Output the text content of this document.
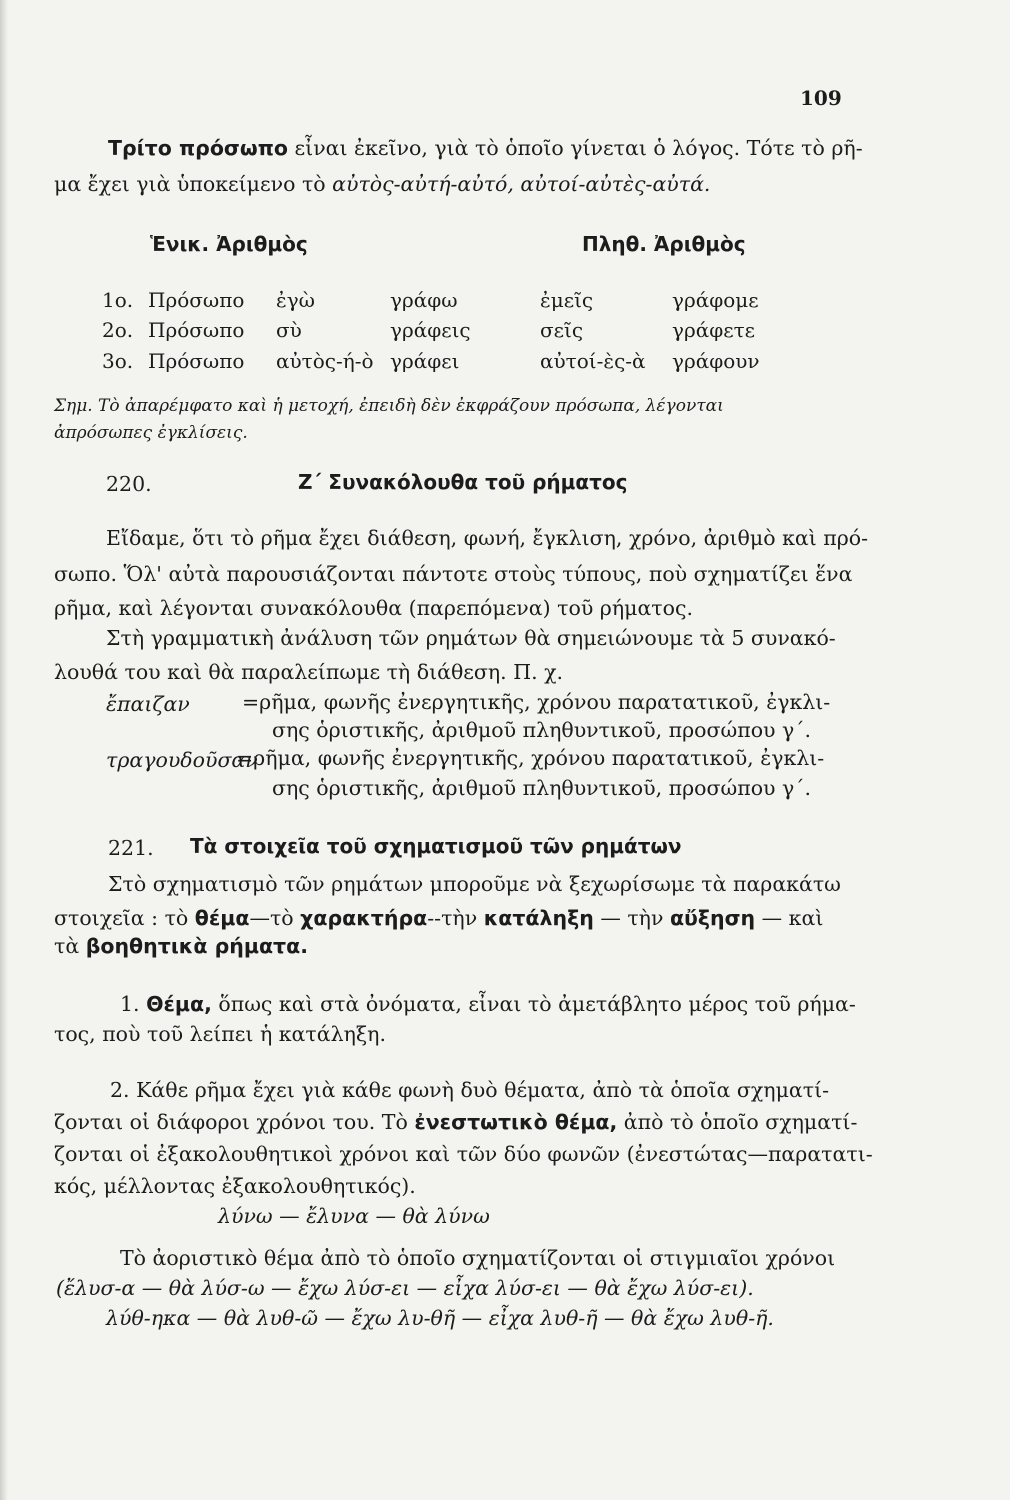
109
Τρίτο πρόσωπο εἶναι ἐκεῖνο, γιὰ τὸ ὁποῖο γίνεται ὁ λόγος. Τότε τὸ ρῆ-
μα ἔχει γιὰ ὑποκείμενο τὸ αὐτὸς-αὐτή-αὐτό, αὐτοί-αὐτὲς-αὐτά.
Ἑνικ. Ἀριθμὸς	Πληθ. Ἀριθμὸς
1ο. Πρόσωπο ἐγὼ	γράφω	ἐμεῖς	γράφομε
2ο. Πρόσωπο σὺ	γράφεις	σεῖς	γράφετε
3ο. Πρόσωπο αὐτὸς-ή-ὸ γράφει	αὐτοί-ὲς-ὰ γράφουν
Σημ. Τὸ ἀπαρέμφατο καὶ ἡ μετοχή, ἐπειδὴ δὲν ἐκφράζουν πρόσωπα, λέγονται
ἀπρόσωπες ἐγκλίσεις.
220.	Ζ΄ Συνακόλουθα τοῦ ρήματος
Εἴδαμε, ὅτι τὸ ρῆμα ἔχει διάθεση, φωνή, ἔγκλιση, χρόνο, ἀριθμὸ καὶ πρό-
σωπο. Ὅλ' αὐτὰ παρουσιάζονται πάντοτε στοὺς τύπους, ποὺ σχηματίζει ἕνα
ρῆμα, καὶ λέγονται συνακόλουθα (παρεπόμενα) τοῦ ρήματος.
Στὴ γραμματικὴ ἀνάλυση τῶν ρημάτων θὰ σημειώνουμε τὰ 5 συνακό-
λουθά του καὶ θὰ παραλείπωμε τὴ διάθεση. Π. χ.
ἔπαιζαν	=ρῆμα, φωνῆς ἐνεργητικῆς, χρόνου παρατατικοῦ, ἐγκλι-
σης ὁριστικῆς, ἀριθμοῦ πληθυντικοῦ, προσώπου γ΄.
τραγουδοῦσαν
=ρῆμα, φωνῆς ἐνεργητικῆς, χρόνου παρατατικοῦ, ἐγκλι-
σης ὁριστικῆς, ἀριθμοῦ πληθυντικοῦ, προσώπου γ΄.
221. Τὰ στοιχεῖα τοῦ σχηματισμοῦ τῶν ρημάτων
Στὸ σχηματισμὸ τῶν ρημάτων μποροῦμε νὰ ξεχωρίσωμε τὰ παρακάτω
στοιχεῖα : τὸ θέμα—τὸ χαρακτήρα--τὴν κατάληξη — τὴν αὔξηση — καὶ
τὰ βοηθητικὰ ρήματα.
1. Θέμα, ὅπως καὶ στὰ ὀνόματα, εἶναι τὸ ἀμετάβλητο μέρος τοῦ ρήμα-
τος, ποὺ τοῦ λείπει ἡ κατάληξη.
2. Κάθε ρῆμα ἔχει γιὰ κάθε φωνὴ δυὸ θέματα, ἀπὸ τὰ ὁποῖα σχηματί-
ζονται οἱ διάφοροι χρόνοι του. Τὸ ἐνεστωτικὸ θέμα, ἀπὸ τὸ ὁποῖο σχηματί-
ζονται οἱ ἐξακολουθητικοὶ χρόνοι καὶ τῶν δύο φωνῶν (ἐνεστώτας—παρατατι-
κός, μέλλοντας ἐξακολουθητικός).
λύνω — ἔλυνα — θὰ λύνω
Τὸ ἀοριστικὸ θέμα ἀπὸ τὸ ὁποῖο σχηματίζονται οἱ στιγμιαῖοι χρόνοι
(ἔλυσ-α — θὰ λύσ-ω — ἔχω λύσ-ει — εἶχα λύσ-ει — θὰ ἔχω λύσ-ει).
λύθ-ηκα — θὰ λυθ-ῶ — ἔχω λυ-θῆ — εἶχα λυθ-ῆ — θὰ ἔχω λυθ-ῆ.
